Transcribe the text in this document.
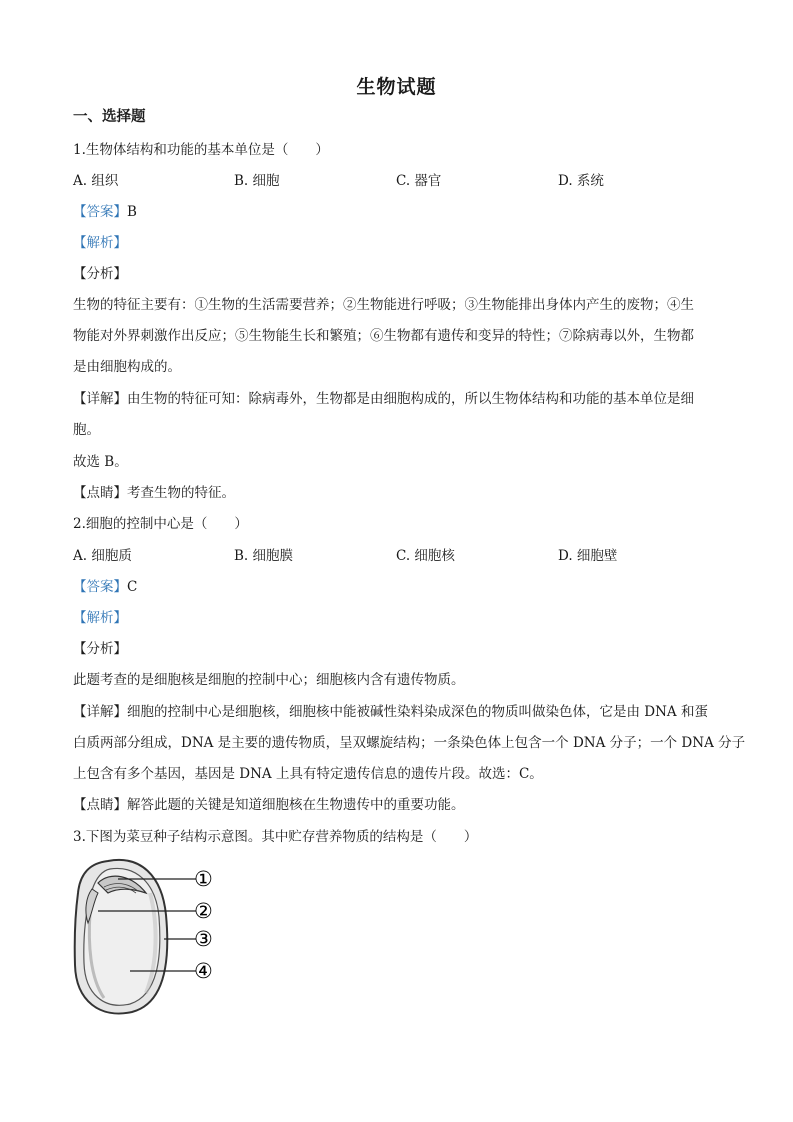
生物试题
一、选择题
1.生物体结构和功能的基本单位是（　　）
A. 组织	B. 细胞	C. 器官	D. 系统
【答案】B
【解析】
【分析】
生物的特征主要有：①生物的生活需要营养；②生物能进行呼吸；③生物能排出身体内产生的废物；④生
物能对外界刺激作出反应；⑤生物能生长和繁殖；⑥生物都有遗传和变异的特性；⑦除病毒以外，生物都
是由细胞构成的。
【详解】由生物的特征可知：除病毒外，生物都是由细胞构成的，所以生物体结构和功能的基本单位是细
胞。
故选 B。
【点睛】考查生物的特征。
2.细胞的控制中心是（　　）
A. 细胞质	B. 细胞膜	C. 细胞核	D. 细胞壁
【答案】C
【解析】
【分析】
此题考查的是细胞核是细胞的控制中心；细胞核内含有遗传物质。
【详解】细胞的控制中心是细胞核，细胞核中能被碱性染料染成深色的物质叫做染色体，它是由 DNA 和蛋
白质两部分组成，DNA 是主要的遗传物质，呈双螺旋结构；一条染色体上包含一个 DNA 分子；一个 DNA 分子
上包含有多个基因，基因是 DNA 上具有特定遗传信息的遗传片段。故选：C。
【点睛】解答此题的关键是知道细胞核在生物遗传中的重要功能。
3.下图为菜豆种子结构示意图。其中贮存营养物质的结构是（　　）
①
②
③
④
